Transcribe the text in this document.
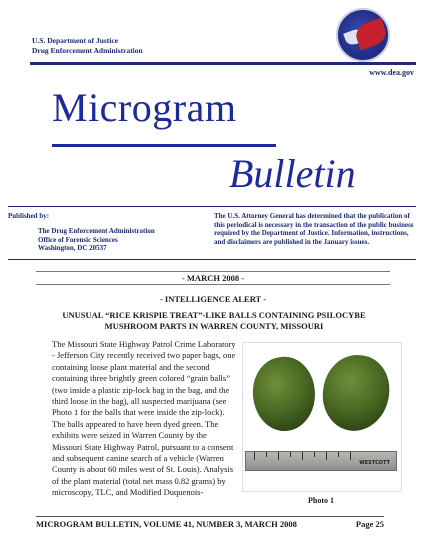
U.S. Department of Justice
Drug Enforcement Administration
www.dea.gov
Microgram
Bulletin
Published by:
The Drug Enforcement Administration
Office of Forensic Sciences
Washington, DC 20537
The U.S. Attorney General has determined that the publication of this periodical is necessary in the transaction of the public business required by the Department of Justice. Information, instructions, and disclaimers are published in the January issues.
- MARCH 2008 -
- INTELLIGENCE ALERT -
UNUSUAL “RICE KRISPIE TREAT”-LIKE BALLS CONTAINING PSILOCYBE
MUSHROOM PARTS IN WARREN COUNTY, MISSOURI
The Missouri State Highway Patrol Crime Laboratory - Jefferson City recently received two paper bags, one containing loose plant material and the second containing three brightly green colored “grain balls” (two inside a plastic zip-lock bag in the bag, and the third loose in the bag), all suspected marijuana (see Photo 1 for the balls that were inside the zip-lock). The balls appeared to have been dyed green. The exhibits were seized in Warren County by the Missouri State Highway Patrol, pursuant to a consent and subsequent canine search of a vehicle (Warren County is about 60 miles west of St. Louis). Analysis of the plant material (total net mass 0.82 grams) by microscopy, TLC, and Modified Duquenois-
WESTCOTT
Photo 1
MICROGRAM BULLETIN, VOLUME 41, NUMBER 3, MARCH 2008	Page 25
